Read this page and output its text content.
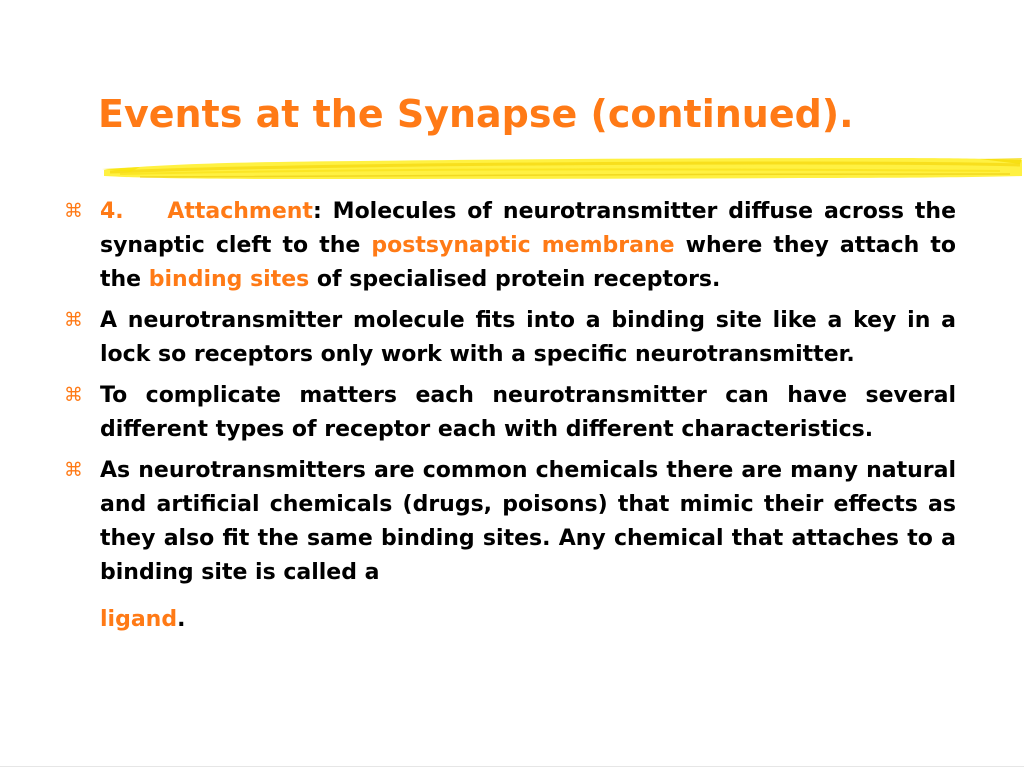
Events at the Synapse (continued).
⌘ 4. Attachment: Molecules of neurotransmitter diffuse across the synaptic cleft to the postsynaptic membrane where they attach to the binding sites of specialised protein receptors.

⌘ A neurotransmitter molecule fits into a binding site like a key in a lock so receptors only work with a specific neurotransmitter.

⌘ To complicate matters each neurotransmitter can have several different types of receptor each with different characteristics.

⌘ As neurotransmitters are common chemicals there are many natural and artificial chemicals (drugs, poisons) that mimic their effects as they also fit the same binding sites. Any chemical that attaches to a binding site is called a
ligand.
